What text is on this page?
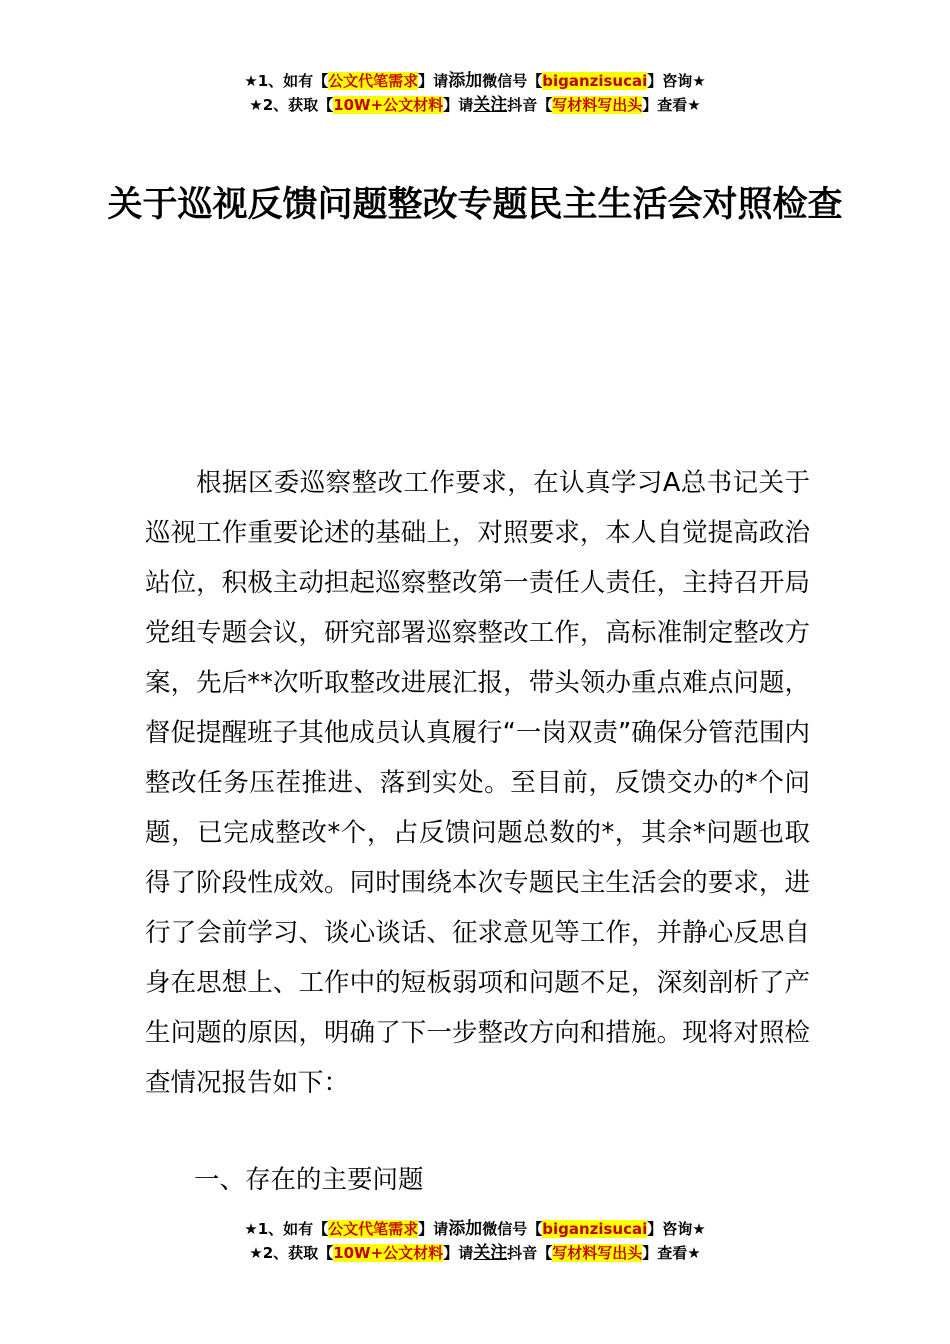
★1、如有【公文代笔需求】请添加微信号【biganzisucai】咨询★
★2、获取【10W+公文材料】请关注抖音【写材料写出头】查看★
关于巡视反馈问题整改专题民主生活会对照检查

根据区委巡察整改工作要求，在认真学习A总书记关于巡视工作重要论述的基础上，对照要求，本人自觉提高政治站位，积极主动担起巡察整改第一责任人责任，主持召开局党组专题会议，研究部署巡察整改工作，高标准制定整改方案，先后**次听取整改进展汇报，带头领办重点难点问题，督促提醒班子其他成员认真履行“一岗双责”确保分管范围内整改任务压茬推进、落到实处。至目前，反馈交办的*个问题，已完成整改*个，占反馈问题总数的*，其余*问题也取得了阶段性成效。同时围绕本次专题民主生活会的要求，进行了会前学习、谈心谈话、征求意见等工作，并静心反思自身在思想上、工作中的短板弱项和问题不足，深刻剖析了产生问题的原因，明确了下一步整改方向和措施。现将对照检查情况报告如下：

一、存在的主要问题
★1、如有【公文代笔需求】请添加微信号【biganzisucai】咨询★
★2、获取【10W+公文材料】请关注抖音【写材料写出头】查看★
